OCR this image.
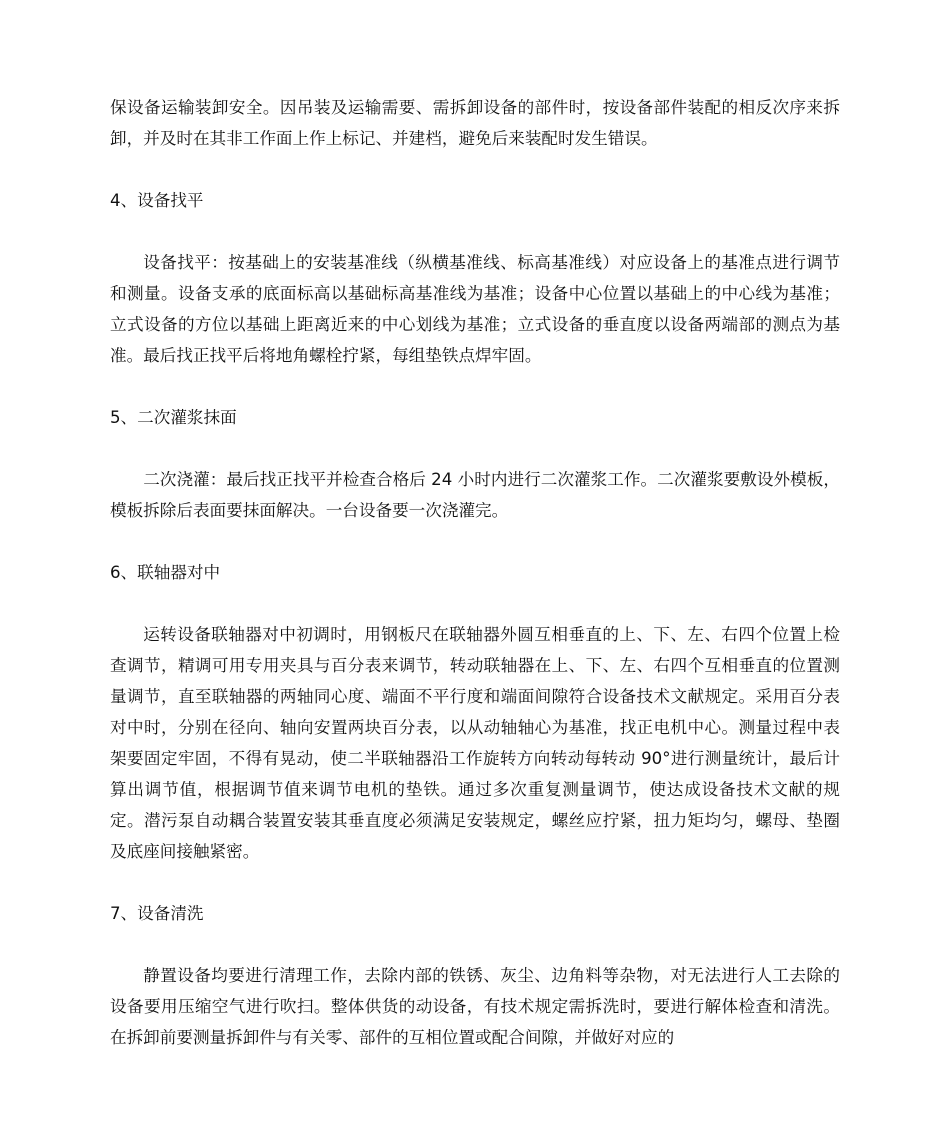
保设备运输装卸安全。因吊装及运输需要、需拆卸设备的部件时，按设备部件装配的相反次序来拆卸，并及时在其非工作面上作上标记、并建档，避免后来装配时发生错误。

4、设备找平

设备找平：按基础上的安装基准线（纵横基准线、标高基准线）对应设备上的基准点进行调节和测量。设备支承的底面标高以基础标高基准线为基准；设备中心位置以基础上的中心线为基准；立式设备的方位以基础上距离近来的中心划线为基准；立式设备的垂直度以设备两端部的测点为基准。最后找正找平后将地角螺栓拧紧，每组垫铁点焊牢固。

5、二次灌浆抹面

二次浇灌：最后找正找平并检查合格后 24 小时内进行二次灌浆工作。二次灌浆要敷设外模板，模板拆除后表面要抹面解决。一台设备要一次浇灌完。

6、联轴器对中

运转设备联轴器对中初调时，用钢板尺在联轴器外圆互相垂直的上、下、左、右四个位置上检查调节，精调可用专用夹具与百分表来调节，转动联轴器在上、下、左、右四个互相垂直的位置测量调节，直至联轴器的两轴同心度、端面不平行度和端面间隙符合设备技术文献规定。采用百分表对中时，分别在径向、轴向安置两块百分表，以从动轴轴心为基准，找正电机中心。测量过程中表架要固定牢固，不得有晃动，使二半联轴器沿工作旋转方向转动每转动 90°进行测量统计，最后计算出调节值，根据调节值来调节电机的垫铁。通过多次重复测量调节，使达成设备技术文献的规定。潜污泵自动耦合装置安装其垂直度必须满足安装规定，螺丝应拧紧，扭力矩均匀，螺母、垫圈及底座间接触紧密。

7、设备清洗

静置设备均要进行清理工作，去除内部的铁锈、灰尘、边角料等杂物，对无法进行人工去除的设备要用压缩空气进行吹扫。整体供货的动设备，有技术规定需拆洗时，要进行解体检查和清洗。在拆卸前要测量拆卸件与有关零、部件的互相位置或配合间隙，并做好对应的
